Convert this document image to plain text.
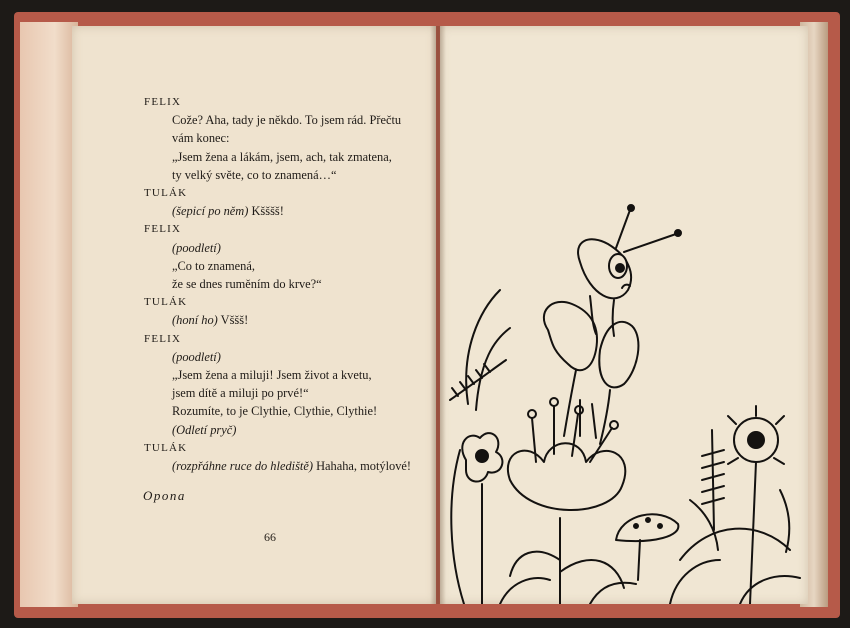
FELIX

Cože? Aha, tady je někdo. To jsem rád. Přečtu

vám konec:

„Jsem žena a lákám, jsem, ach, tak zmatena,

ty velký světe, co to znamená…“

TULÁK

(šepicí po něm) Kšššš!

FELIX

(poodletí)

„Co to znamená,

že se dnes ruměním do krve?“

TULÁK

(honí ho) Vššš!

FELIX

(poodletí)

„Jsem žena a miluji! Jsem život a kvetu,

jsem dítě a miluji po prvé!“

Rozumíte, to je Clythie, Clythie, Clythie!

(Odletí pryč)

TULÁK

(rozpřáhne ruce do hlediště) Hahaha, motýlové!

Opona
66
